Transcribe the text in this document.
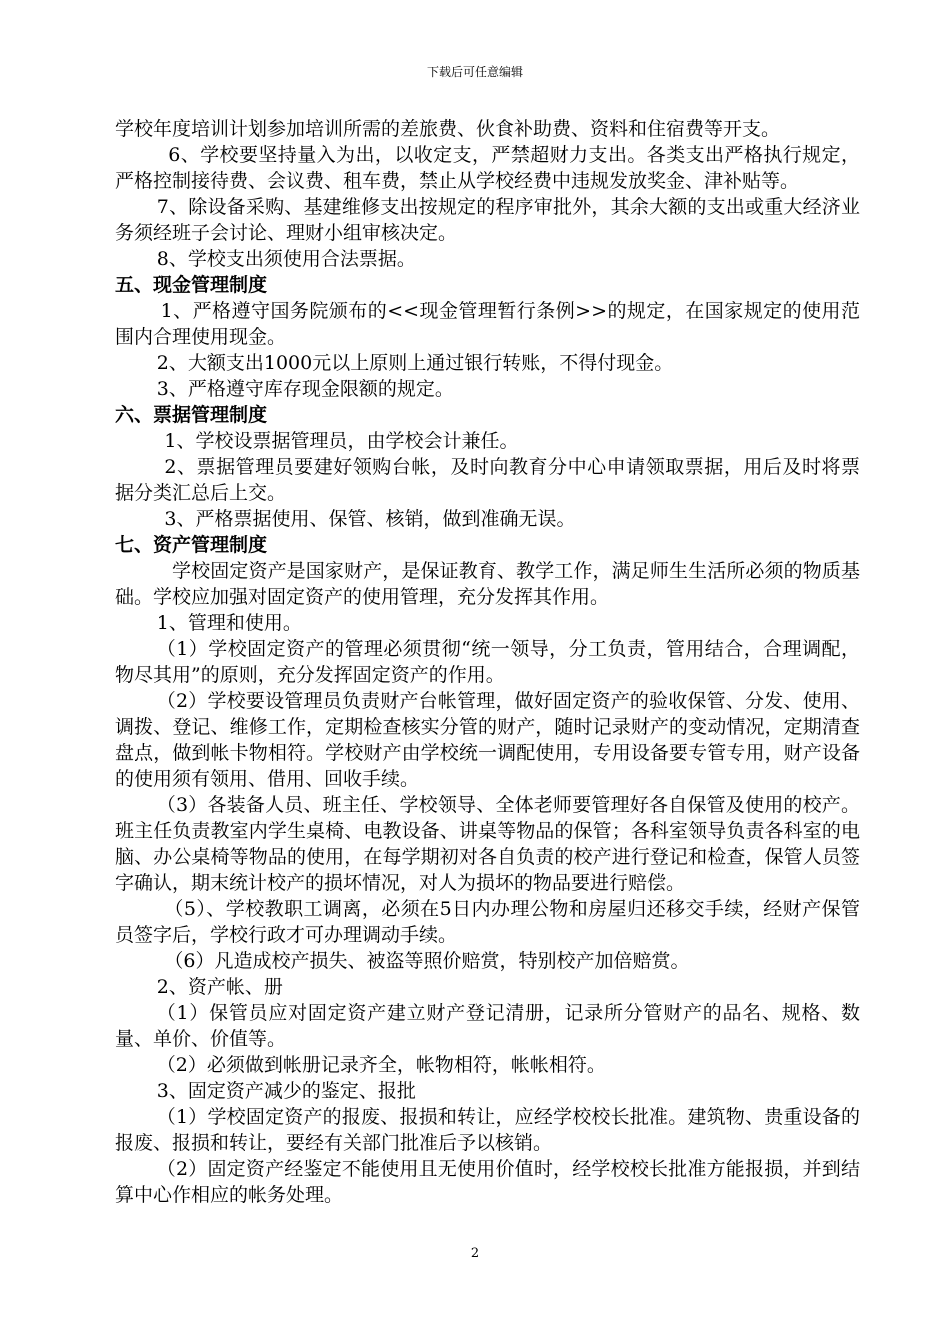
下载后可任意编辑

学校年度培训计划参加培训所需的差旅费、伙食补助费、资料和住宿费等开支。

6、学校要坚持量入为出，以收定支，严禁超财力支出。各类支出严格执行规定，严格控制接待费、会议费、租车费，禁止从学校经费中违规发放奖金、津补贴等。

7、除设备采购、基建维修支出按规定的程序审批外，其余大额的支出或重大经济业务须经班子会讨论、理财小组审核决定。

8、学校支出须使用合法票据。

五、现金管理制度

1、严格遵守国务院颁布的<<现金管理暂行条例>>的规定，在国家规定的使用范围内合理使用现金。

2、大额支出1000元以上原则上通过银行转账，不得付现金。

3、严格遵守库存现金限额的规定。

六、票据管理制度

1、学校设票据管理员，由学校会计兼任。

2、票据管理员要建好领购台帐，及时向教育分中心申请领取票据，用后及时将票据分类汇总后上交。

3、严格票据使用、保管、核销，做到准确无误。

七、资产管理制度

学校固定资产是国家财产，是保证教育、教学工作，满足师生生活所必须的物质基础。学校应加强对固定资产的使用管理，充分发挥其作用。

1、管理和使用。

（1）学校固定资产的管理必须贯彻“统一领导，分工负责，管用结合，合理调配，物尽其用”的原则，充分发挥固定资产的作用。

（2）学校要设管理员负责财产台帐管理，做好固定资产的验收保管、分发、使用、调拨、登记、维修工作，定期检查核实分管的财产，随时记录财产的变动情况，定期清查盘点，做到帐卡物相符。学校财产由学校统一调配使用，专用设备要专管专用，财产设备的使用须有领用、借用、回收手续。

（3）各装备人员、班主任、学校领导、全体老师要管理好各自保管及使用的校产。班主任负责教室内学生桌椅、电教设备、讲桌等物品的保管；各科室领导负责各科室的电脑、办公桌椅等物品的使用，在每学期初对各自负责的校产进行登记和检查，保管人员签字确认，期末统计校产的损坏情况，对人为损坏的物品要进行赔偿。

（5）、学校教职工调离，必须在5日内办理公物和房屋归还移交手续，经财产保管员签字后，学校行政才可办理调动手续。

（6）凡造成校产损失、被盗等照价赔赏，特别校产加倍赔赏。

2、资产帐、册

（1）保管员应对固定资产建立财产登记清册，记录所分管财产的品名、规格、数量、单价、价值等。

（2）必须做到帐册记录齐全，帐物相符，帐帐相符。

3、固定资产减少的鉴定、报批

（1）学校固定资产的报废、报损和转让，应经学校校长批准。建筑物、贵重设备的报废、报损和转让，要经有关部门批准后予以核销。

（2）固定资产经鉴定不能使用且无使用价值时，经学校校长批准方能报损，并到结算中心作相应的帐务处理。

2
